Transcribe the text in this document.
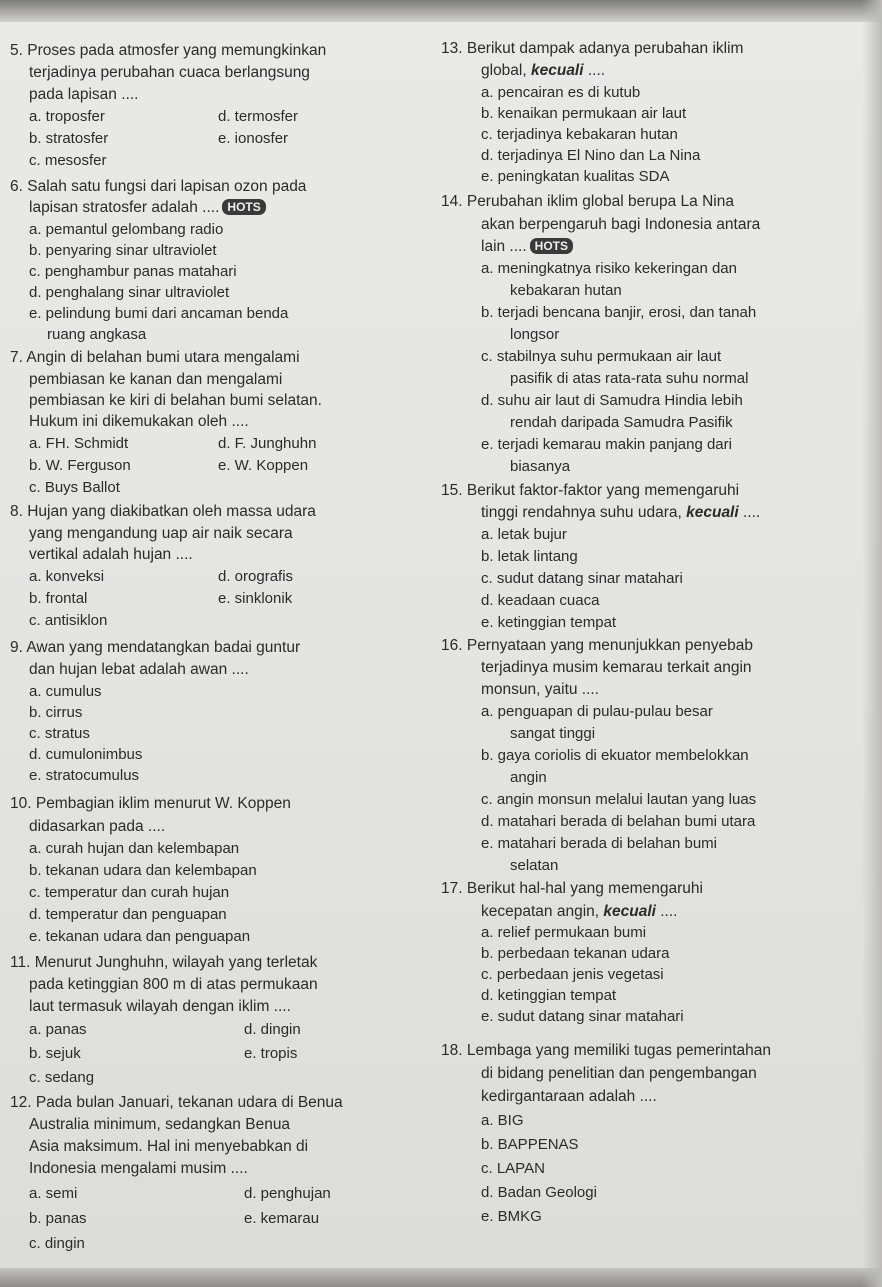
5. Proses pada atmosfer yang memungkinkan
terjadinya perubahan cuaca berlangsung
pada lapisan ....
a. troposfer	d. termosfer
b. stratosfer	e. ionosfer
c. mesosfer
6. Salah satu fungsi dari lapisan ozon pada
lapisan stratosfer adalah .... HOTS
a. pemantul gelombang radio
b. penyaring sinar ultraviolet
c. penghambur panas matahari
d. penghalang sinar ultraviolet
e. pelindung bumi dari ancaman benda
ruang angkasa
7. Angin di belahan bumi utara mengalami
pembiasan ke kanan dan mengalami
pembiasan ke kiri di belahan bumi selatan.
Hukum ini dikemukakan oleh ....
a. FH. Schmidt	d. F. Junghuhn
b. W. Ferguson	e. W. Koppen
c. Buys Ballot
8. Hujan yang diakibatkan oleh massa udara
yang mengandung uap air naik secara
vertikal adalah hujan ....
a. konveksi	d. orografis
b. frontal	e. sinklonik
c. antisiklon
9. Awan yang mendatangkan badai guntur
dan hujan lebat adalah awan ....
a. cumulus
b. cirrus
c. stratus
d. cumulonimbus
e. stratocumulus
10. Pembagian iklim menurut W. Koppen
didasarkan pada ....
a. curah hujan dan kelembapan
b. tekanan udara dan kelembapan
c. temperatur dan curah hujan
d. temperatur dan penguapan
e. tekanan udara dan penguapan
11. Menurut Junghuhn, wilayah yang terletak
pada ketinggian 800 m di atas permukaan
laut termasuk wilayah dengan iklim ....
a. panas	d. dingin
b. sejuk	e. tropis
c. sedang
12. Pada bulan Januari, tekanan udara di Benua
Australia minimum, sedangkan Benua
Asia maksimum. Hal ini menyebabkan di
Indonesia mengalami musim ....
a. semi	d. penghujan
b. panas	e. kemarau
c. dingin
13. Berikut dampak adanya perubahan iklim
global, kecuali ....
a. pencairan es di kutub
b. kenaikan permukaan air laut
c. terjadinya kebakaran hutan
d. terjadinya El Nino dan La Nina
e. peningkatan kualitas SDA
14. Perubahan iklim global berupa La Nina
akan berpengaruh bagi Indonesia antara
lain .... HOTS
a. meningkatnya risiko kekeringan dan
kebakaran hutan
b. terjadi bencana banjir, erosi, dan tanah
longsor
c. stabilnya suhu permukaan air laut
pasifik di atas rata-rata suhu normal
d. suhu air laut di Samudra Hindia lebih
rendah daripada Samudra Pasifik
e. terjadi kemarau makin panjang dari
biasanya
15. Berikut faktor-faktor yang memengaruhi
tinggi rendahnya suhu udara, kecuali ....
a. letak bujur
b. letak lintang
c. sudut datang sinar matahari
d. keadaan cuaca
e. ketinggian tempat
16. Pernyataan yang menunjukkan penyebab
terjadinya musim kemarau terkait angin
monsun, yaitu ....
a. penguapan di pulau-pulau besar
sangat tinggi
b. gaya coriolis di ekuator membelokkan
angin
c. angin monsun melalui lautan yang luas
d. matahari berada di belahan bumi utara
e. matahari berada di belahan bumi
selatan
17. Berikut hal-hal yang memengaruhi
kecepatan angin, kecuali ....
a. relief permukaan bumi
b. perbedaan tekanan udara
c. perbedaan jenis vegetasi
d. ketinggian tempat
e. sudut datang sinar matahari
18. Lembaga yang memiliki tugas pemerintahan
di bidang penelitian dan pengembangan
kedirgantaraan adalah ....
a. BIG
b. BAPPENAS
c. LAPAN
d. Badan Geologi
e. BMKG
